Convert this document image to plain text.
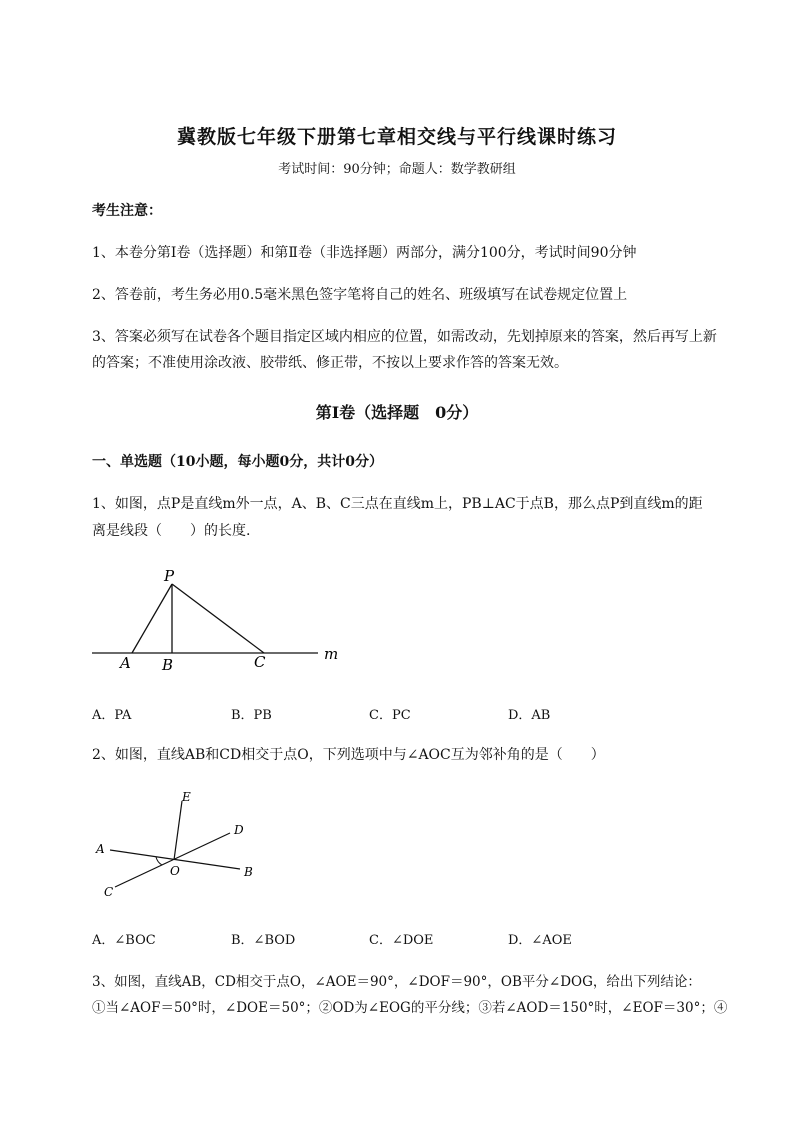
冀教版七年级下册第七章相交线与平行线课时练习
考试时间：90分钟；命题人：数学教研组
考生注意：
1、本卷分第Ⅰ卷（选择题）和第Ⅱ卷（非选择题）两部分，满分100分，考试时间90分钟
2、答卷前，考生务必用0.5毫米黑色签字笔将自己的姓名、班级填写在试卷规定位置上
3、答案必须写在试卷各个题目指定区域内相应的位置，如需改动，先划掉原来的答案，然后再写上新
的答案；不准使用涂改液、胶带纸、修正带，不按以上要求作答的答案无效。
第Ⅰ卷（选择题　0分）
一、单选题（10小题，每小题0分，共计0分）
1、如图，点P是直线m外一点，A、B、C三点在直线m上，PB⊥AC于点B，那么点P到直线m的距
离是线段（　　）的长度.
P
A B	C	m
A．PA	B．PB	C．PC	D．AB
2、如图，直线AB和CD相交于点O，下列选项中与∠AOC互为邻补角的是（　　）
E
D
A
O	B
C
A．∠BOC	B．∠BOD	C．∠DOE	D．∠AOE
3、如图，直线AB，CD相交于点O，∠AOE＝90°，∠DOF＝90°，OB平分∠DOG，给出下列结论：
①当∠AOF＝50°时，∠DOE＝50°；②OD为∠EOG的平分线；③若∠AOD＝150°时，∠EOF＝30°；④
